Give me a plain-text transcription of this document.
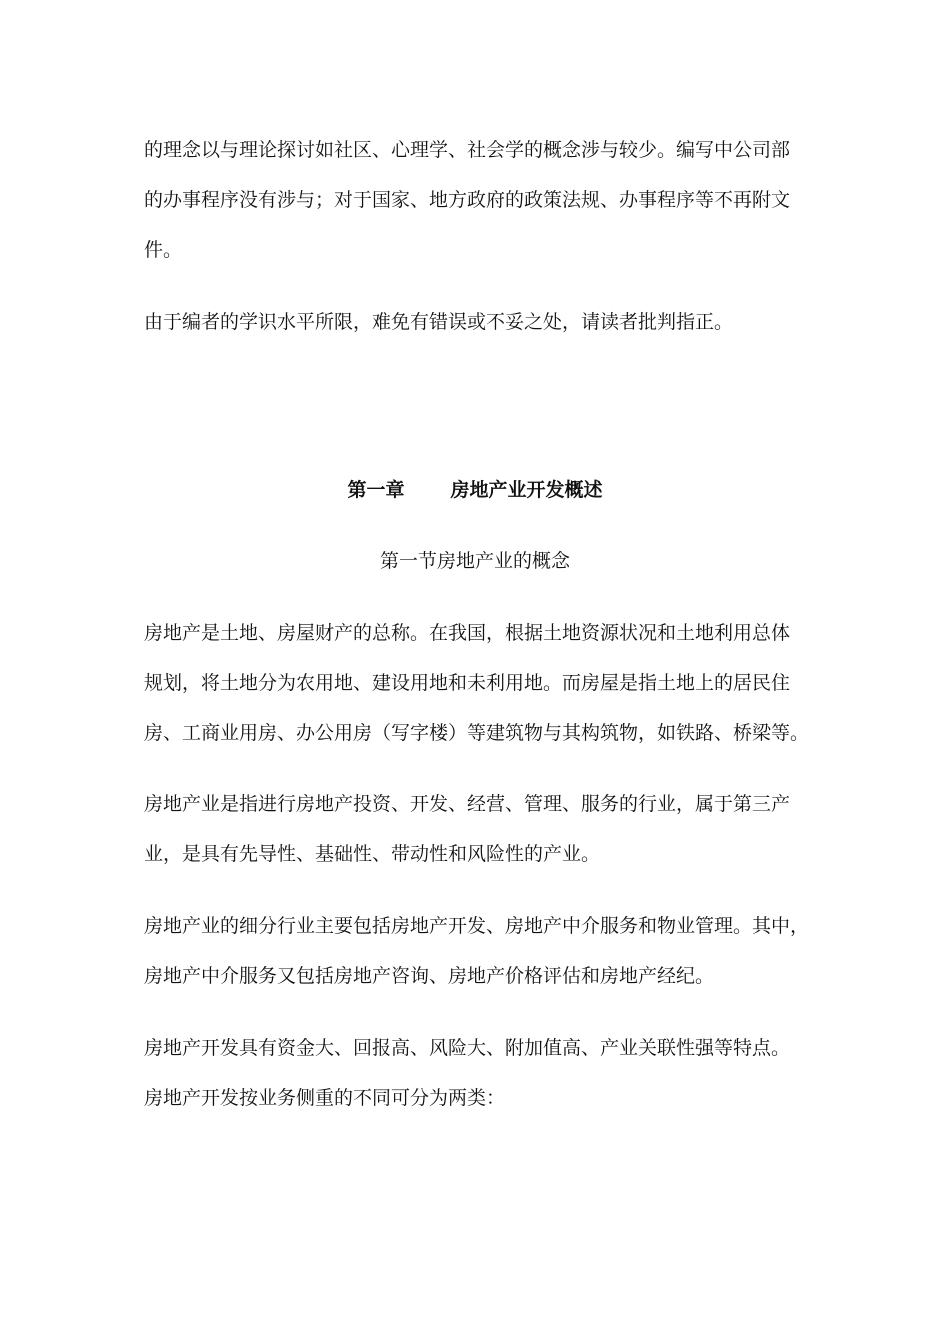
的理念以与理论探讨如社区、心理学、社会学的概念涉与较少。编写中公司部
的办事程序没有涉与；对于国家、地方政府的政策法规、办事程序等不再附文
件。
由于编者的学识水平所限，难免有错误或不妥之处，请读者批判指正。
第一章 房地产业开发概述
第一节房地产业的概念
房地产是土地、房屋财产的总称。在我国，根据土地资源状况和土地利用总体
规划，将土地分为农用地、建设用地和未利用地。而房屋是指土地上的居民住
房、工商业用房、办公用房（写字楼）等建筑物与其构筑物，如铁路、桥梁等。
房地产业是指进行房地产投资、开发、经营、管理、服务的行业，属于第三产
业，是具有先导性、基础性、带动性和风险性的产业。
房地产业的细分行业主要包括房地产开发、房地产中介服务和物业管理。其中，
房地产中介服务又包括房地产咨询、房地产价格评估和房地产经纪。
房地产开发具有资金大、回报高、风险大、附加值高、产业关联性强等特点。
房地产开发按业务侧重的不同可分为两类：
